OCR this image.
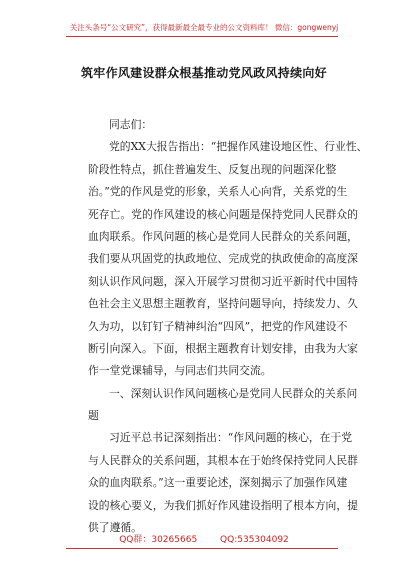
关注头条号“公文研究”，获得最新最全最专业的公文资料库！ 微信：gongwenyj
筑牢作风建设群众根基推动党风政风持续向好
同志们：
党的XX大报告指出：“把握作风建设地区性、行业性、
阶段性特点，抓住普遍发生、反复出现的问题深化整
治。”党的作风是党的形象，关系人心向背，关系党的生
死存亡。党的作风建设的核心问题是保持党同人民群众的
血肉联系。作风问题的核心是党同人民群众的关系问题，
我们要从巩固党的执政地位、完成党的执政使命的高度深
刻认识作风问题，深入开展学习贯彻习近平新时代中国特
色社会主义思想主题教育，坚持问题导向，持续发力、久
久为功，以钉钉子精神纠治“四风”，把党的作风建设不
断引向深入。下面，根据主题教育计划安排，由我为大家
作一堂党课辅导，与同志们共同交流。
一、深刻认识作风问题核心是党同人民群众的关系问
题
习近平总书记深刻指出：“作风问题的核心，在于党
与人民群众的关系问题，其根本在于始终保持党同人民群
众的血肉联系。”这一重要论述，深刻揭示了加强作风建
设的核心要义，为我们抓好作风建设指明了根本方向，提
供了遵循。
QQ群：30265665        QQ:535304092
